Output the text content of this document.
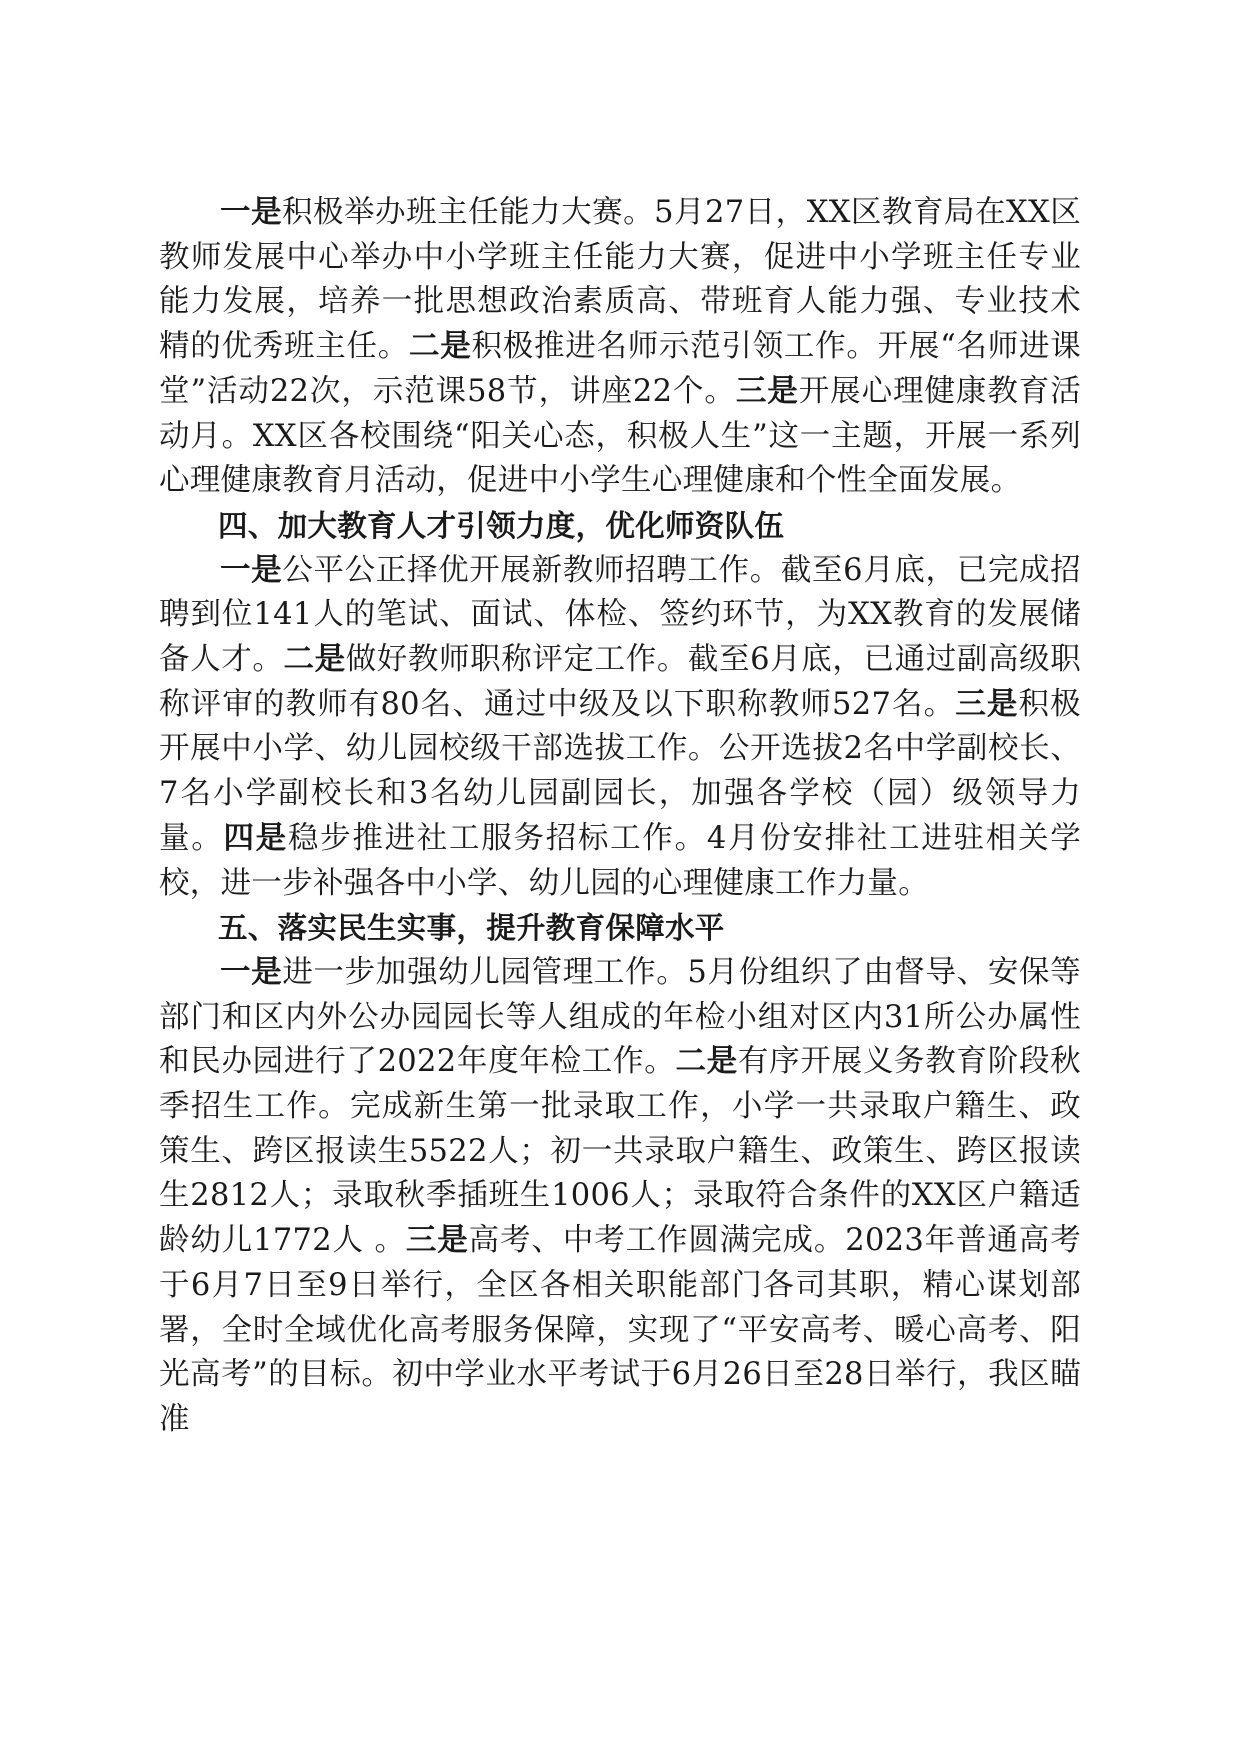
一是积极举办班主任能力大赛。5月27日，XX区教育局在XX区教师发展中心举办中小学班主任能力大赛，促进中小学班主任专业能力发展，培养一批思想政治素质高、带班育人能力强、专业技术精的优秀班主任。二是积极推进名师示范引领工作。开展“名师进课堂”活动22次，示范课58节，讲座22个。三是开展心理健康教育活动月。XX区各校围绕“阳关心态，积极人生”这一主题，开展一系列心理健康教育月活动，促进中小学生心理健康和个性全面发展。

四、加大教育人才引领力度，优化师资队伍

一是公平公正择优开展新教师招聘工作。截至6月底，已完成招聘到位141人的笔试、面试、体检、签约环节，为XX教育的发展储备人才。二是做好教师职称评定工作。截至6月底，已通过副高级职称评审的教师有80名、通过中级及以下职称教师527名。三是积极开展中小学、幼儿园校级干部选拔工作。公开选拔2名中学副校长、7名小学副校长和3名幼儿园副园长，加强各学校（园）级领导力量。四是稳步推进社工服务招标工作。4月份安排社工进驻相关学校，进一步补强各中小学、幼儿园的心理健康工作力量。

五、落实民生实事，提升教育保障水平

一是进一步加强幼儿园管理工作。5月份组织了由督导、安保等部门和区内外公办园园长等人组成的年检小组对区内31所公办属性和民办园进行了2022年度年检工作。二是有序开展义务教育阶段秋季招生工作。完成新生第一批录取工作，小学一共录取户籍生、政策生、跨区报读生5522人；初一共录取户籍生、政策生、跨区报读生2812人；录取秋季插班生1006人；录取符合条件的XX区户籍适龄幼儿1772人 。三是高考、中考工作圆满完成。2023年普通高考于6月7日至9日举行，全区各相关职能部门各司其职，精心谋划部署，全时全域优化高考服务保障，实现了“平安高考、暖心高考、阳光高考”的目标。初中学业水平考试于6月26日至28日举行，我区瞄准
